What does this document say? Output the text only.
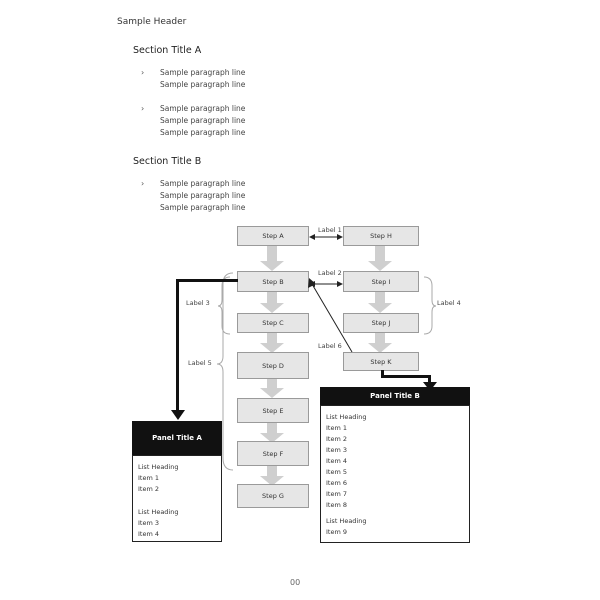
Sample Header
Section Title A
› Sample paragraph line
Sample paragraph line
› Sample paragraph line
Sample paragraph line
Sample paragraph line
Section Title B
› Sample paragraph line
Sample paragraph line
Sample paragraph line
Step A
Step B
Step C
Step D
Step E
Step F
Step G
Step H
Step I
Step J
Step K
Label 1
Label 2
Label 6
Label 3	Label 4
Label 5
Panel Title A
List Heading
Item 1
Item 2
List Heading
Item 3
Item 4
Panel Title B
List Heading
Item 1
Item 2
Item 3
Item 4
Item 5
Item 6
Item 7
Item 8
List Heading
Item 9
00
